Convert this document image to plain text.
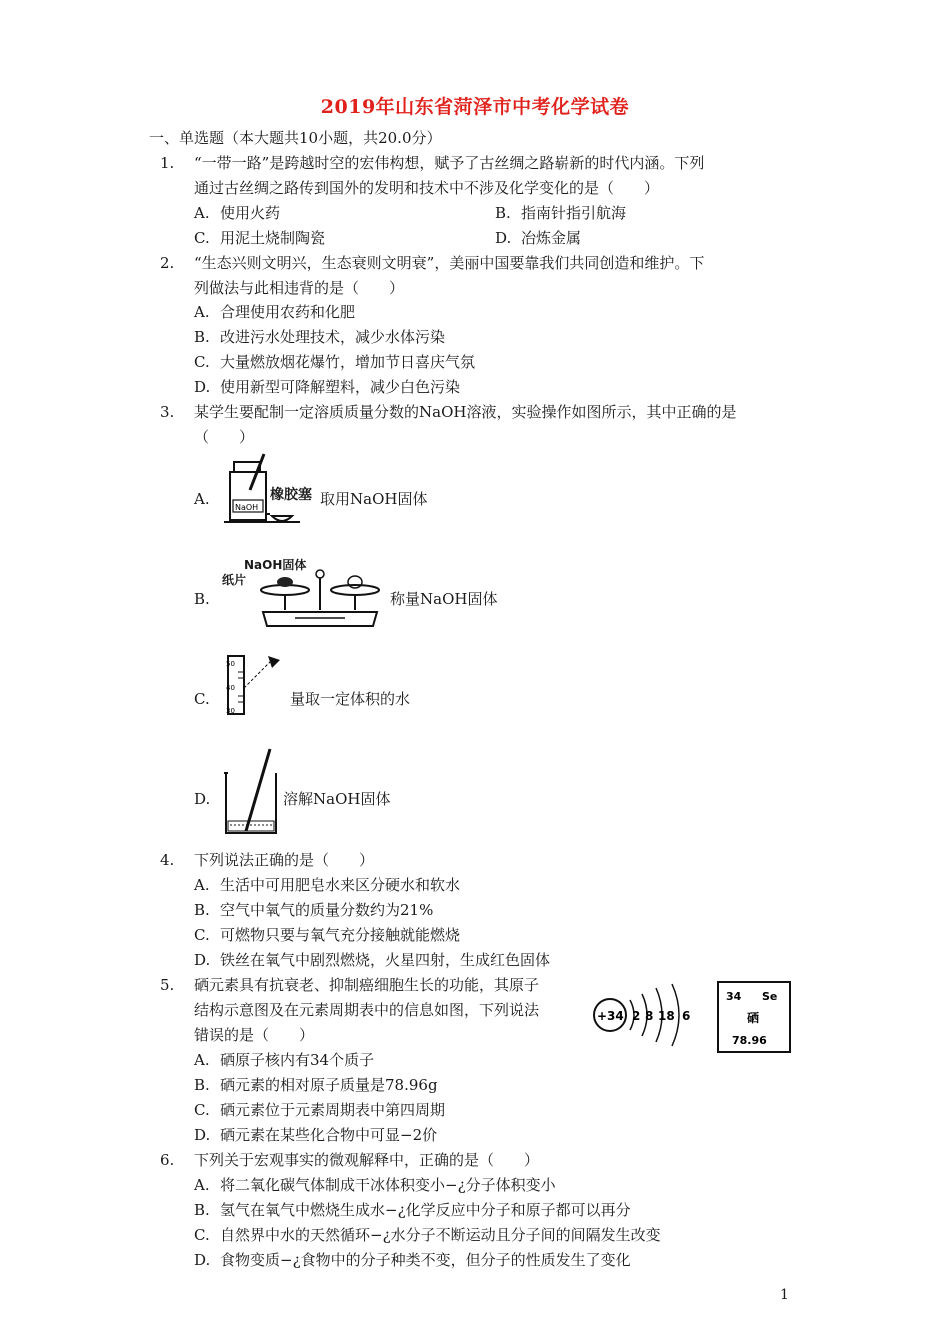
2019年山东省菏泽市中考化学试卷
一、单选题（本大题共10小题，共20.0分）
1. “一带一路”是跨越时空的宏伟构想，赋予了古丝绸之路崭新的时代内涵。下列
通过古丝绸之路传到国外的发明和技术中不涉及化学变化的是（　　）
A. 使用火药	B. 指南针指引航海
C. 用泥土烧制陶瓷	D. 冶炼金属
2. “生态兴则文明兴，生态衰则文明衰”，美丽中国要靠我们共同创造和维护。下
列做法与此相违背的是（　　）
A. 合理使用农药和化肥
B. 改进污水处理技术，减少水体污染
C. 大量燃放烟花爆竹，增加节日喜庆气氛
D. 使用新型可降解塑料，减少白色污染
3. 某学生要配制一定溶质质量分数的NaOH溶液，实验操作如图所示，其中正确的是
（　　）
A.	NaOH
橡胶塞 取用NaOH固体
B.
NaOH固体
纸片
称量NaOH固体
C.
50
40
30
量取一定体积的水
D.	溶解NaOH固体
4. 下列说法正确的是（　　）
A. 生活中可用肥皂水来区分硬水和软水
B. 空气中氧气的质量分数约为21%
C. 可燃物只要与氧气充分接触就能燃烧
D. 铁丝在氧气中剧烈燃烧，火星四射，生成红色固体
5. 硒元素具有抗衰老、抑制癌细胞生长的功能，其原子
结构示意图及在元素周期表中的信息如图，下列说法
错误的是（　　）
+34 2 8 18 6
34 Se
硒
78.96
A. 硒原子核内有34个质子
B. 硒元素的相对原子质量是78.96g
C. 硒元素位于元素周期表中第四周期
D. 硒元素在某些化合物中可显−2价
6. 下列关于宏观事实的微观解释中，正确的是（　　）
A. 将二氧化碳气体制成干冰体积变小−¿分子体积变小
B. 氢气在氧气中燃烧生成水−¿化学反应中分子和原子都可以再分
C. 自然界中水的天然循环−¿水分子不断运动且分子间的间隔发生改变
D. 食物变质−¿食物中的分子种类不变，但分子的性质发生了变化
1
